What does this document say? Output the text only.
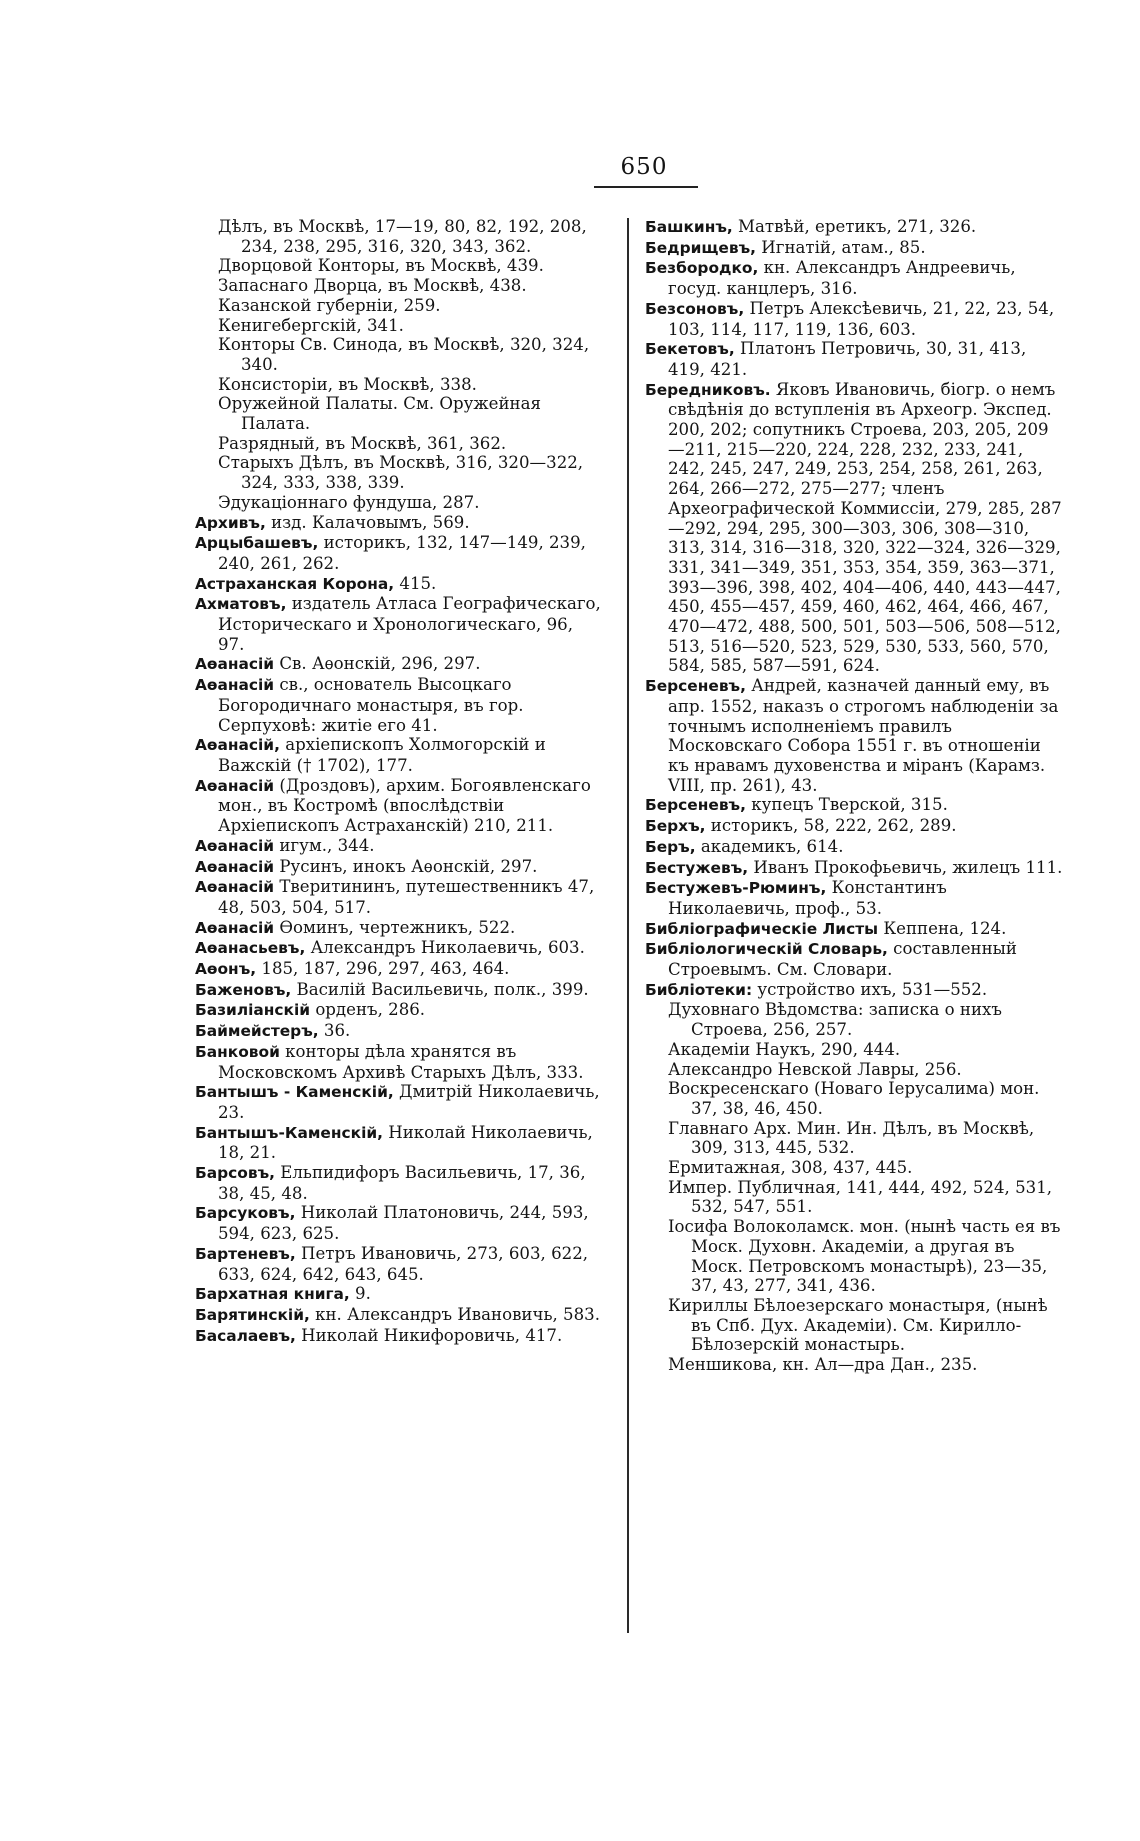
650
Дѣлъ, въ Москвѣ, 17—19, 80, 82, 192, 208, 234, 238, 295, 316, 320, 343, 362.
Дворцовой Конторы, въ Москвѣ, 439.
Запаснаго Дворца, въ Москвѣ, 438.
Казанской губерніи, 259.
Кенигебергскій, 341.
Конторы Св. Синода, въ Москвѣ, 320, 324, 340.
Консисторіи, въ Москвѣ, 338.
Оружейной Палаты. См. Оружейная Палата.
Разрядный, въ Москвѣ, 361, 362.
Старыхъ Дѣлъ, въ Москвѣ, 316, 320—322, 324, 333, 338, 339.
Эдукаціоннаго фундуша, 287.
Архивъ, изд. Калачовымъ, 569.
Арцыбашевъ, историкъ, 132, 147—149, 239, 240, 261, 262.
Астраханская Корона, 415.
Ахматовъ, издатель Атласа Географическаго, Историческаго и Хронологическаго, 96, 97.
Аѳанасій Св. Аѳонскій, 296, 297.
Аѳанасій св., основатель Высоцкаго Богородичнаго монастыря, въ гор. Серпуховѣ: житіе его 41.
Аѳанасій, архіепископъ Холмогорскій и Важскій († 1702), 177.
Аѳанасій (Дроздовъ), архим. Богоявленскаго мон., въ Костромѣ (впослѣдствіи Архіепископъ Астраханскій) 210, 211.
Аѳанасій игум., 344.
Аѳанасій Русинъ, инокъ Аѳонскій, 297.
Аѳанасій Тверитининъ, путешественникъ 47, 48, 503, 504, 517.
Аѳанасій Ѳоминъ, чертежникъ, 522.
Аѳанасьевъ, Александръ Николаевичь, 603.
Аѳонъ, 185, 187, 296, 297, 463, 464.
Баженовъ, Василій Васильевичь, полк., 399.
Базиліанскій орденъ, 286.
Баймейстеръ, 36.
Банковой конторы дѣла хранятся въ Московскомъ Архивѣ Старыхъ Дѣлъ, 333.
Бантышъ - Каменскій, Дмитрій Николаевичь, 23.
Бантышъ-Каменскій, Николай Николаевичь, 18, 21.
Барсовъ, Ельпидифоръ Васильевичь, 17, 36, 38, 45, 48.
Барсуковъ, Николай Платоновичь, 244, 593, 594, 623, 625.
Бартеневъ, Петръ Ивановичь, 273, 603, 622, 633, 624, 642, 643, 645.
Бархатная книга, 9.
Барятинскій, кн. Александръ Ивановичь, 583.
Басалаевъ, Николай Никифоровичь, 417.
Башкинъ, Матвѣй, еретикъ, 271, 326.
Бедрищевъ, Игнатій, атам., 85.
Безбородко, кн. Александръ Андреевичь, госуд. канцлеръ, 316.
Безсоновъ, Петръ Алексѣевичь, 21, 22, 23, 54, 103, 114, 117, 119, 136, 603.
Бекетовъ, Платонъ Петровичь, 30, 31, 413, 419, 421.
Бередниковъ. Яковъ Ивановичь, біогр. о немъ свѣдѣнія до вступленія въ Археогр. Экспед. 200, 202; сопутникъ Строева, 203, 205, 209—211, 215—220, 224, 228, 232, 233, 241, 242, 245, 247, 249, 253, 254, 258, 261, 263, 264, 266—272, 275—277; членъ Археографической Коммиссіи, 279, 285, 287—292, 294, 295, 300—303, 306, 308—310, 313, 314, 316—318, 320, 322—324, 326—329, 331, 341—349, 351, 353, 354, 359, 363—371, 393—396, 398, 402, 404—406, 440, 443—447, 450, 455—457, 459, 460, 462, 464, 466, 467, 470—472, 488, 500, 501, 503—506, 508—512, 513, 516—520, 523, 529, 530, 533, 560, 570, 584, 585, 587—591, 624.
Берсеневъ, Андрей, казначей данный ему, въ апр. 1552, наказъ о строгомъ наблюденіи за точнымъ исполненіемъ правилъ Московскаго Собора 1551 г. въ отношеніи къ нравамъ духовенства и міранъ (Карамз. VIII, пр. 261), 43.
Берсеневъ, купецъ Тверской, 315.
Берхъ, историкъ, 58, 222, 262, 289.
Беръ, академикъ, 614.
Бестужевъ, Иванъ Прокофьевичь, жилецъ 111.
Бестужевъ-Рюминъ, Константинъ Николаевичь, проф., 53.
Библіографическіе Листы Кеппена, 124.
Библіологическій Словарь, составленный Строевымъ. См. Словари.
Библіотеки: устройство ихъ, 531—552.
Духовнаго Вѣдомства: записка о нихъ Строева, 256, 257.
Академіи Наукъ, 290, 444.
Александро Невской Лавры, 256.
Воскресенскаго (Новаго Іерусалима) мон. 37, 38, 46, 450.
Главнаго Арх. Мин. Ин. Дѣлъ, въ Москвѣ, 309, 313, 445, 532.
Ермитажная, 308, 437, 445.
Импер. Публичная, 141, 444, 492, 524, 531, 532, 547, 551.
Іосифа Волоколамск. мон. (нынѣ часть ея въ Моск. Духовн. Академіи, а другая въ Моск. Петровскомъ монастырѣ), 23—35, 37, 43, 277, 341, 436.
Кириллы Бѣлоезерскаго монастыря, (нынѣ въ Спб. Дух. Академіи). См. Кирилло-Бѣлозерскій монастырь.
Меншикова, кн. Ал—дра Дан., 235.
